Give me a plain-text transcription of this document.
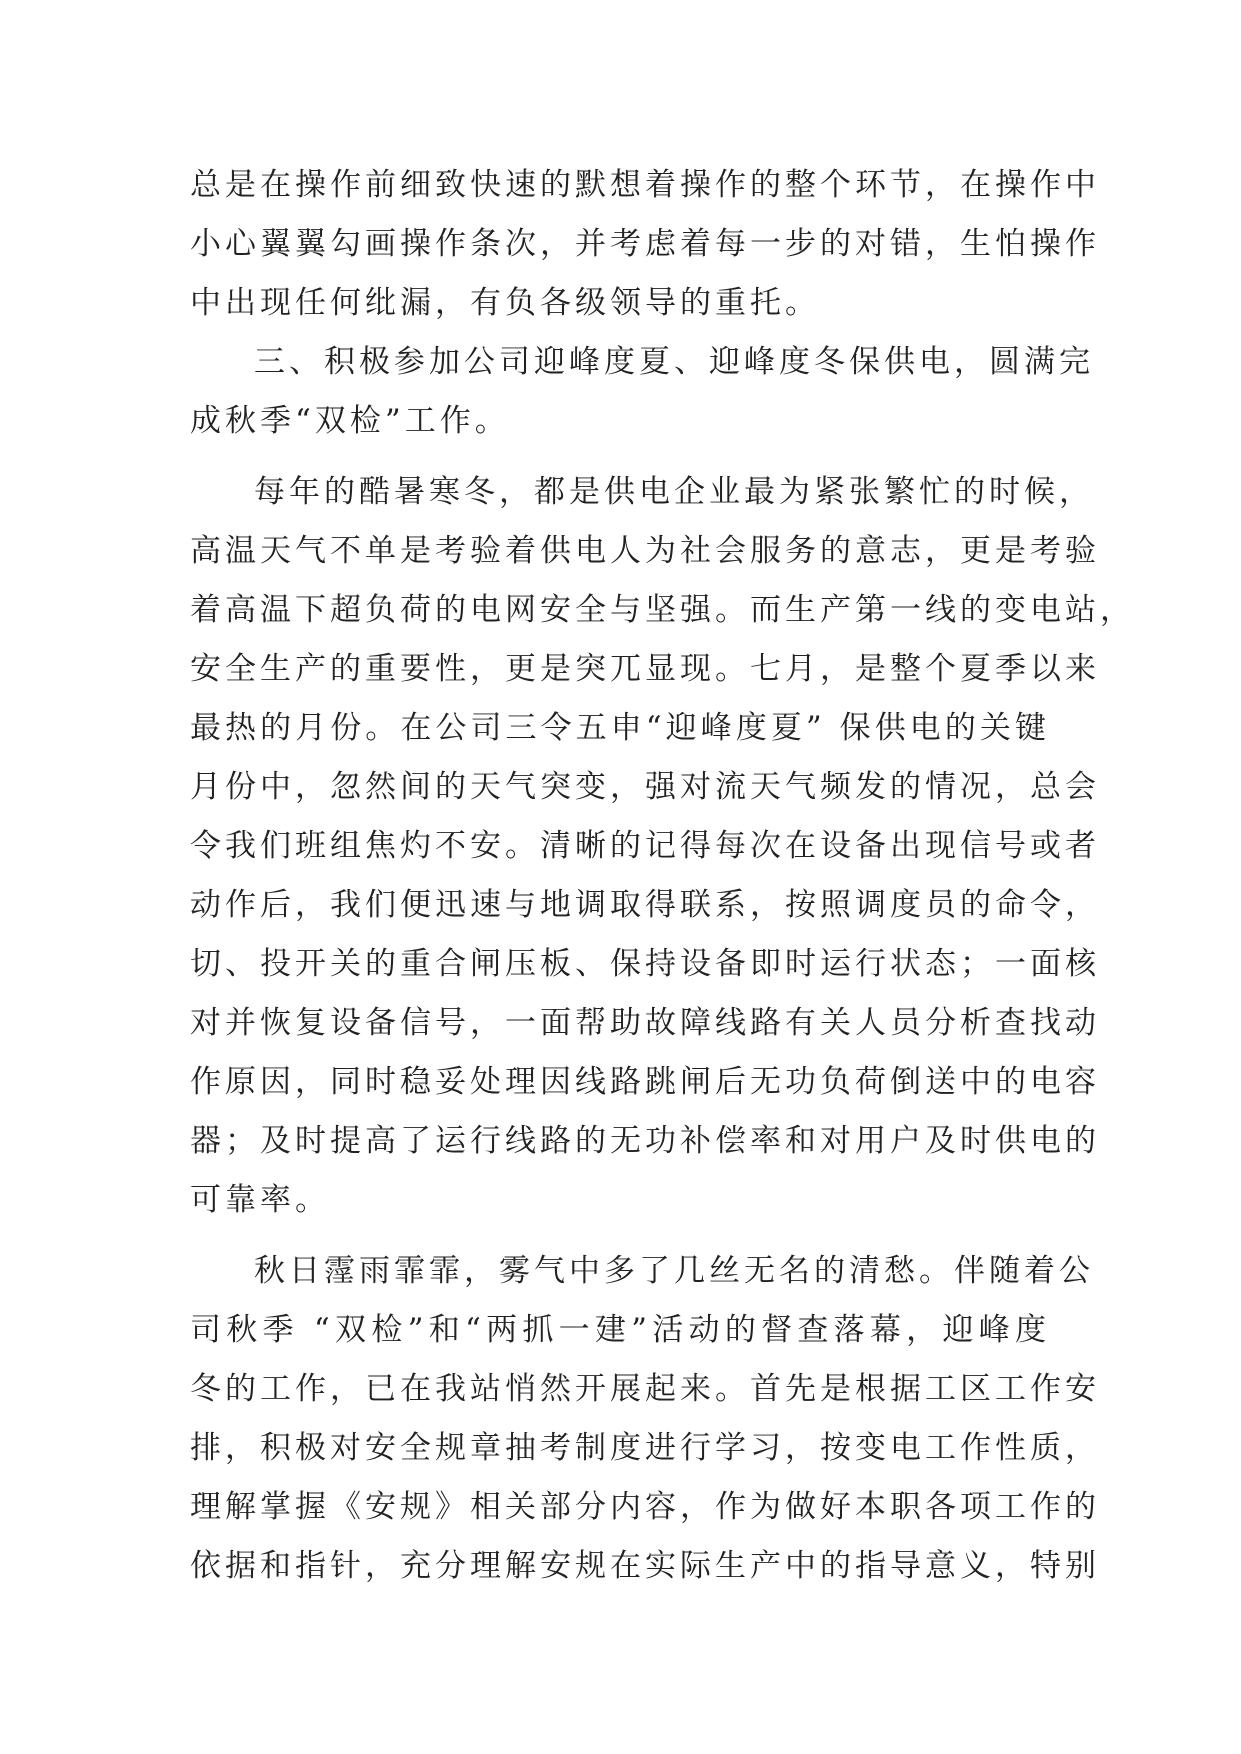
总是在操作前细致快速的默想着操作的整个环节，在操作中
小心翼翼勾画操作条次，并考虑着每一步的对错，生怕操作
中出现任何纰漏，有负各级领导的重托。
三、积极参加公司迎峰度夏、迎峰度冬保供电，圆满完
成秋季“双检”工作。
每年的酷暑寒冬，都是供电企业最为紧张繁忙的时候，
高温天气不单是考验着供电人为社会服务的意志，更是考验
着高温下超负荷的电网安全与坚强。而生产第一线的变电站，
安全生产的重要性，更是突兀显现。七月，是整个夏季以来
最热的月份。在公司三令五申“迎峰度夏” 保供电的关键
月份中，忽然间的天气突变，强对流天气频发的情况，总会
令我们班组焦灼不安。清晰的记得每次在设备出现信号或者
动作后，我们便迅速与地调取得联系，按照调度员的命令，
切、投开关的重合闸压板、保持设备即时运行状态；一面核
对并恢复设备信号，一面帮助故障线路有关人员分析查找动
作原因，同时稳妥处理因线路跳闸后无功负荷倒送中的电容
器；及时提高了运行线路的无功补偿率和对用户及时供电的
可靠率。
秋日霪雨霏霏，雾气中多了几丝无名的清愁。伴随着公
司秋季 “双检”和“两抓一建”活动的督查落幕，迎峰度
冬的工作，已在我站悄然开展起来。首先是根据工区工作安
排，积极对安全规章抽考制度进行学习，按变电工作性质，
理解掌握《安规》相关部分内容，作为做好本职各项工作的
依据和指针，充分理解安规在实际生产中的指导意义，特别
